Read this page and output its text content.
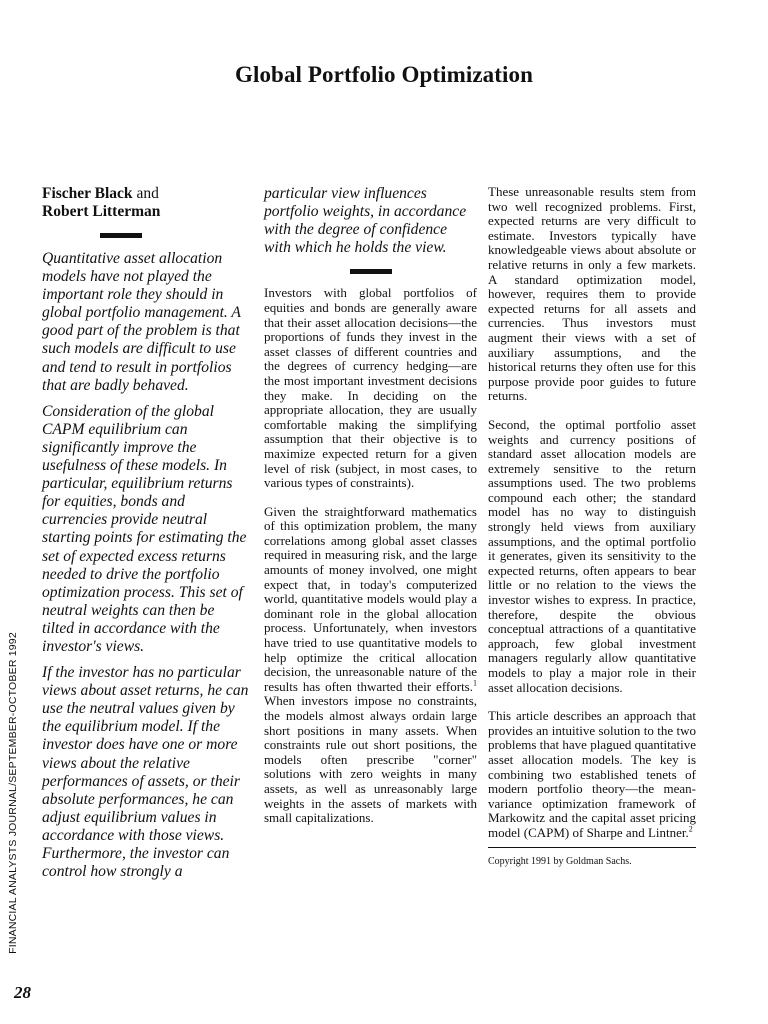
Global Portfolio Optimization

Fischer Black and
Robert Litterman

Quantitative asset allocation models have not played the important role they should in global portfolio management. A good part of the problem is that such models are difficult to use and tend to result in portfolios that are badly behaved.

Consideration of the global CAPM equilibrium can significantly improve the usefulness of these models. In particular, equilibrium returns for equities, bonds and currencies provide neutral starting points for estimating the set of expected excess returns needed to drive the portfolio optimization process. This set of neutral weights can then be tilted in accordance with the investor's views.

If the investor has no particular views about asset returns, he can use the neutral values given by the equilibrium model. If the investor does have one or more views about the relative performances of assets, or their absolute performances, he can adjust equilibrium values in accordance with those views. Furthermore, the investor can control how strongly a

particular view influences portfolio weights, in accordance with the degree of confidence with which he holds the view.

Investors with global portfolios of equities and bonds are generally aware that their asset allocation decisions—the proportions of funds they invest in the asset classes of different countries and the degrees of currency hedging—are the most important investment decisions they make. In deciding on the appropriate allocation, they are usually comfortable making the simplifying assumption that their objective is to maximize expected return for a given level of risk (subject, in most cases, to various types of constraints).

Given the straightforward mathematics of this optimization problem, the many correlations among global asset classes required in measuring risk, and the large amounts of money involved, one might expect that, in today's computerized world, quantitative models would play a dominant role in the global allocation process. Unfortunately, when investors have tried to use quantitative models to help optimize the critical allocation decision, the unreasonable nature of the results has often thwarted their efforts.$^1$ When investors impose no constraints, the models almost always ordain large short positions in many assets. When constraints rule out short positions, the models often prescribe "corner" solutions with zero weights in many assets, as well as unreasonably large weights in the assets of markets with small capitalizations.

These unreasonable results stem from two well recognized problems. First, expected returns are very difficult to estimate. Investors typically have knowledgeable views about absolute or relative returns in only a few markets. A standard optimization model, however, requires them to provide expected returns for all assets and currencies. Thus investors must augment their views with a set of auxiliary assumptions, and the historical returns they often use for this purpose provide poor guides to future returns.

Second, the optimal portfolio asset weights and currency positions of standard asset allocation models are extremely sensitive to the return assumptions used. The two problems compound each other; the standard model has no way to distinguish strongly held views from auxiliary assumptions, and the optimal portfolio it generates, given its sensitivity to the expected returns, often appears to bear little or no relation to the views the investor wishes to express. In practice, therefore, despite the obvious conceptual attractions of a quantitative approach, few global investment managers regularly allow quantitative models to play a major role in their asset allocation decisions.

This article describes an approach that provides an intuitive solution to the two problems that have plagued quantitative asset allocation models. The key is combining two established tenets of modern portfolio theory—the mean-variance optimization framework of Markowitz and the capital asset pricing model (CAPM) of Sharpe and Lintner.$^2$

Copyright 1991 by Goldman Sachs.

FINANCIAL ANALYSTS JOURNAL/SEPTEMBER-OCTOBER 1992
28
